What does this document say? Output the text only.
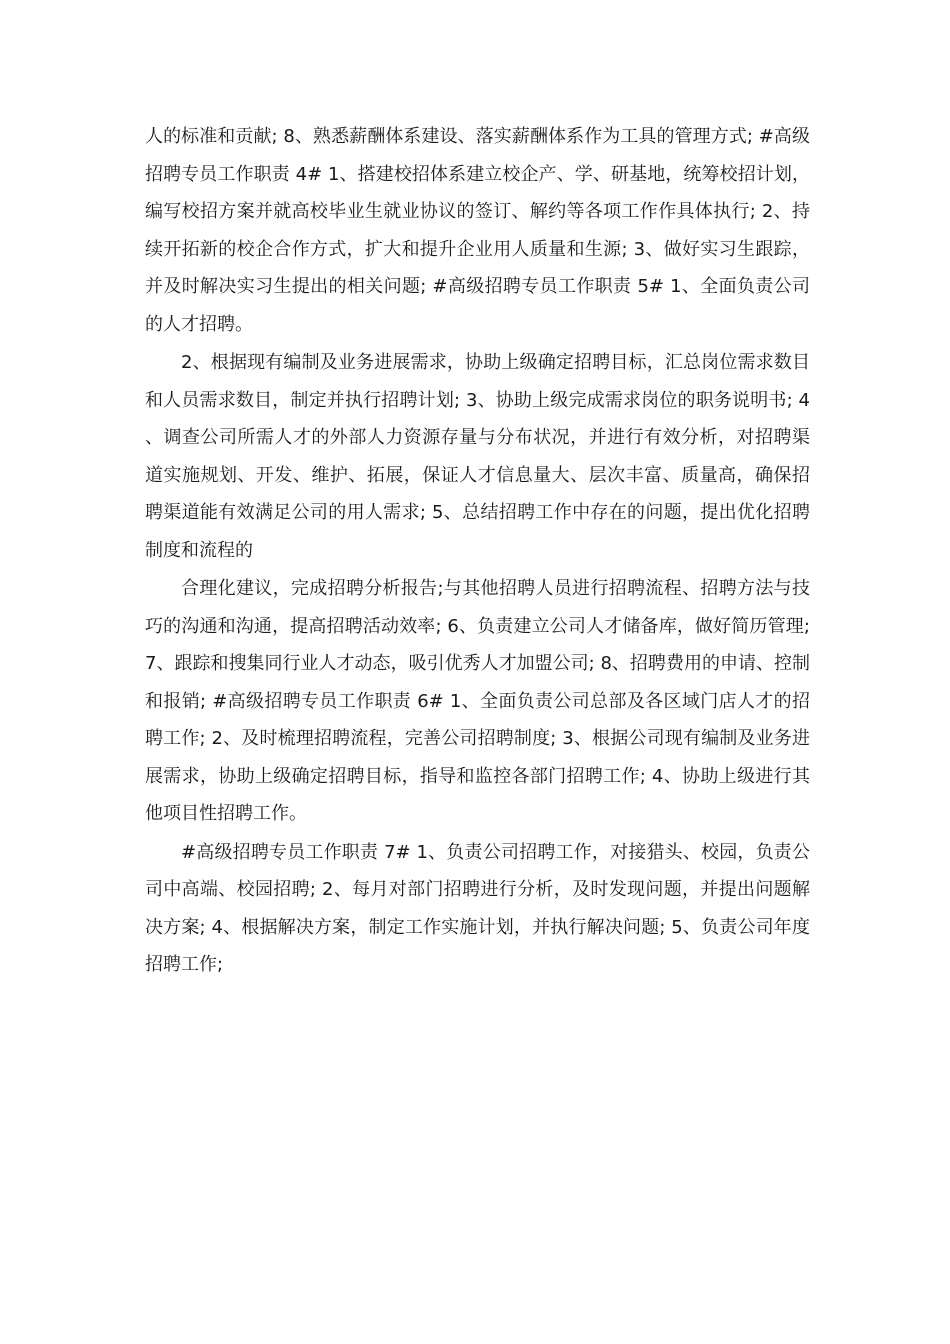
人的标准和贡献; 8、熟悉薪酬体系建设、落实薪酬体系作为工具的管理方式; #高级招聘专员工作职责 4# 1、搭建校招体系建立校企产、学、研基地，统筹校招计划，编写校招方案并就高校毕业生就业协议的签订、解约等各项工作作具体执行; 2、持续开拓新的校企合作方式，扩大和提升企业用人质量和生源; 3、做好实习生跟踪，并及时解决实习生提出的相关问题; #高级招聘专员工作职责 5# 1、全面负责公司的人才招聘。

2、根据现有编制及业务进展需求，协助上级确定招聘目标，汇总岗位需求数目和人员需求数目，制定并执行招聘计划; 3、协助上级完成需求岗位的职务说明书; 4、调查公司所需人才的外部人力资源存量与分布状况，并进行有效分析，对招聘渠道实施规划、开发、维护、拓展，保证人才信息量大、层次丰富、质量高，确保招聘渠道能有效满足公司的用人需求; 5、总结招聘工作中存在的问题，提出优化招聘制度和流程的

合理化建议，完成招聘分析报告;与其他招聘人员进行招聘流程、招聘方法与技巧的沟通和沟通，提高招聘活动效率; 6、负责建立公司人才储备库，做好简历管理; 7、跟踪和搜集同行业人才动态，吸引优秀人才加盟公司; 8、招聘费用的申请、控制和报销; #高级招聘专员工作职责 6# 1、全面负责公司总部及各区域门店人才的招聘工作; 2、及时梳理招聘流程，完善公司招聘制度; 3、根据公司现有编制及业务进展需求，协助上级确定招聘目标，指导和监控各部门招聘工作; 4、协助上级进行其他项目性招聘工作。

#高级招聘专员工作职责 7# 1、负责公司招聘工作，对接猎头、校园，负责公司中高端、校园招聘; 2、每月对部门招聘进行分析，及时发现问题，并提出问题解决方案; 4、根据解决方案，制定工作实施计划，并执行解决问题; 5、负责公司年度招聘工作;
